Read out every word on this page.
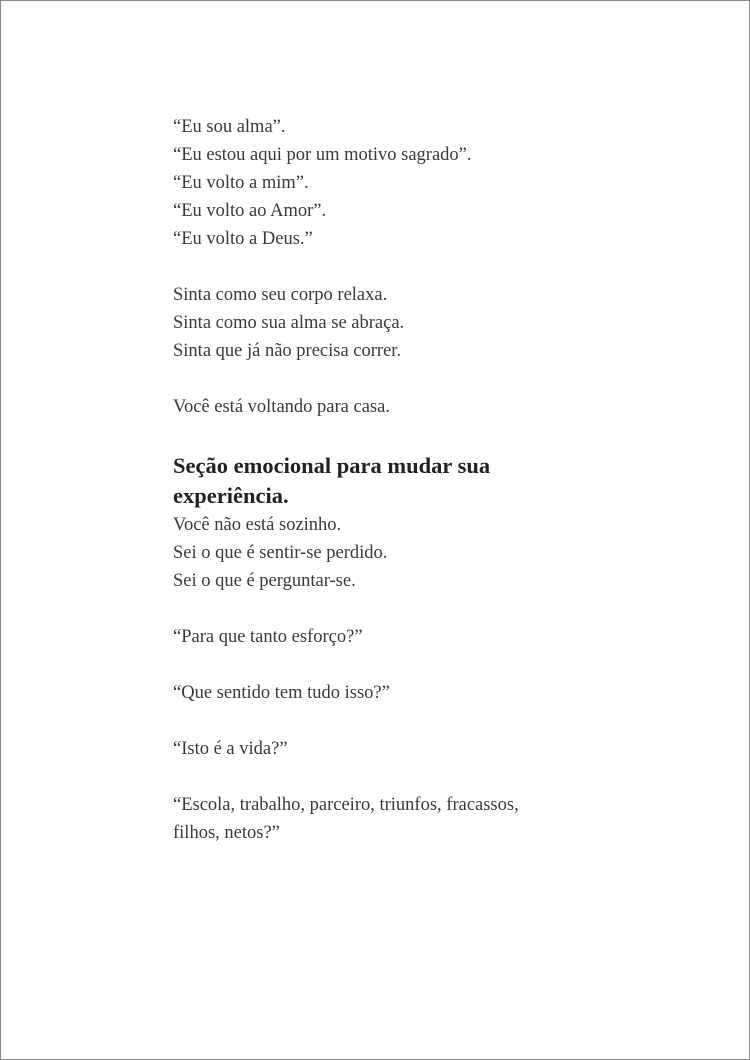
“Eu sou alma”.
“Eu estou aqui por um motivo sagrado”.
“Eu volto a mim”.
“Eu volto ao Amor”.
“Eu volto a Deus.”
Sinta como seu corpo relaxa.
Sinta como sua alma se abraça.
Sinta que já não precisa correr.
Você está voltando para casa.
Seção emocional para mudar sua
experiência.
Você não está sozinho.
Sei o que é sentir-se perdido.
Sei o que é perguntar-se.
“Para que tanto esforço?”
“Que sentido tem tudo isso?”
“Isto é a vida?”
“Escola, trabalho, parceiro, triunfos, fracassos,
filhos, netos?”
